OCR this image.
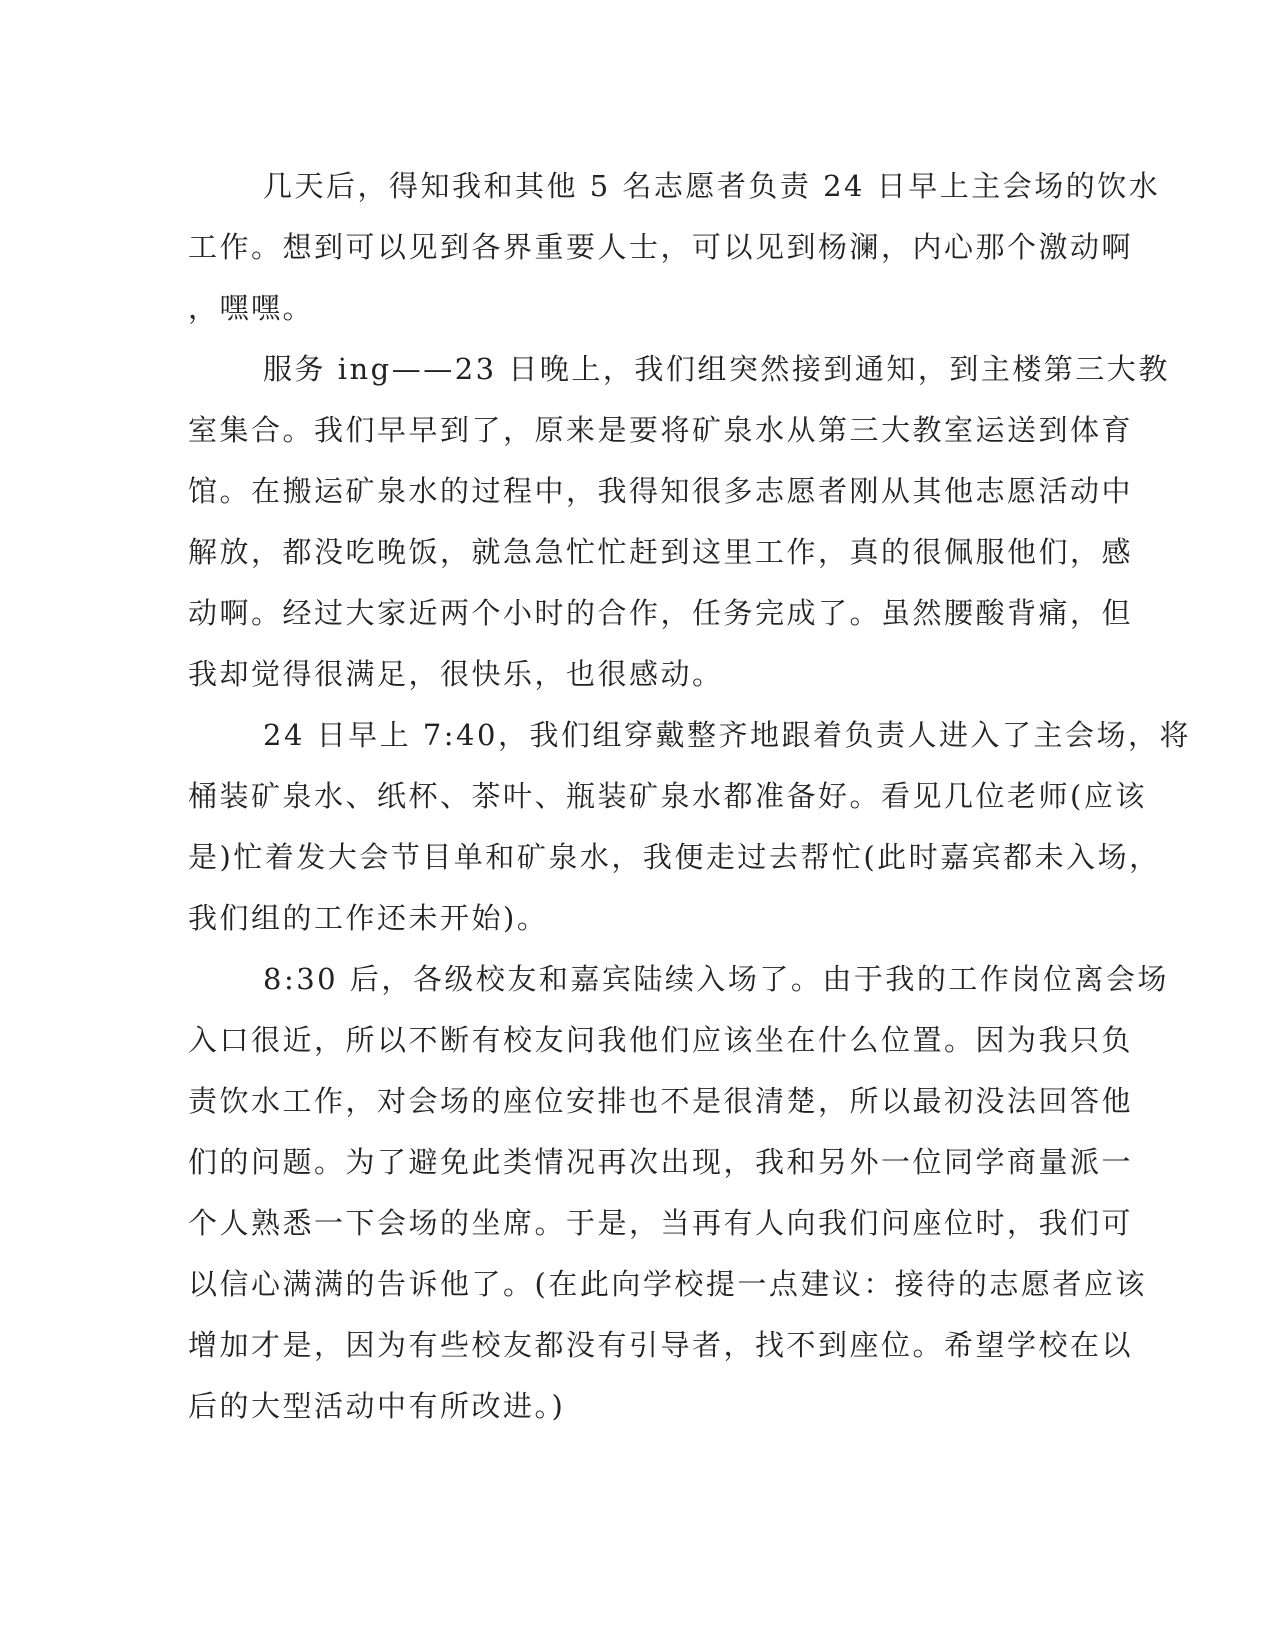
几天后，得知我和其他 5 名志愿者负责 24 日早上主会场的饮水
工作。想到可以见到各界重要人士，可以见到杨澜，内心那个激动啊
，嘿嘿。
服务 ing——23 日晚上，我们组突然接到通知，到主楼第三大教
室集合。我们早早到了，原来是要将矿泉水从第三大教室运送到体育
馆。在搬运矿泉水的过程中，我得知很多志愿者刚从其他志愿活动中
解放，都没吃晚饭，就急急忙忙赶到这里工作，真的很佩服他们，感
动啊。经过大家近两个小时的合作，任务完成了。虽然腰酸背痛，但
我却觉得很满足，很快乐，也很感动。
24 日早上 7:40，我们组穿戴整齐地跟着负责人进入了主会场，将
桶装矿泉水、纸杯、茶叶、瓶装矿泉水都准备好。看见几位老师(应该
是)忙着发大会节目单和矿泉水，我便走过去帮忙(此时嘉宾都未入场，
我们组的工作还未开始)。
8:30 后，各级校友和嘉宾陆续入场了。由于我的工作岗位离会场
入口很近，所以不断有校友问我他们应该坐在什么位置。因为我只负
责饮水工作，对会场的座位安排也不是很清楚，所以最初没法回答他
们的问题。为了避免此类情况再次出现，我和另外一位同学商量派一
个人熟悉一下会场的坐席。于是，当再有人向我们问座位时，我们可
以信心满满的告诉他了。(在此向学校提一点建议：接待的志愿者应该
增加才是，因为有些校友都没有引导者，找不到座位。希望学校在以
后的大型活动中有所改进。)
